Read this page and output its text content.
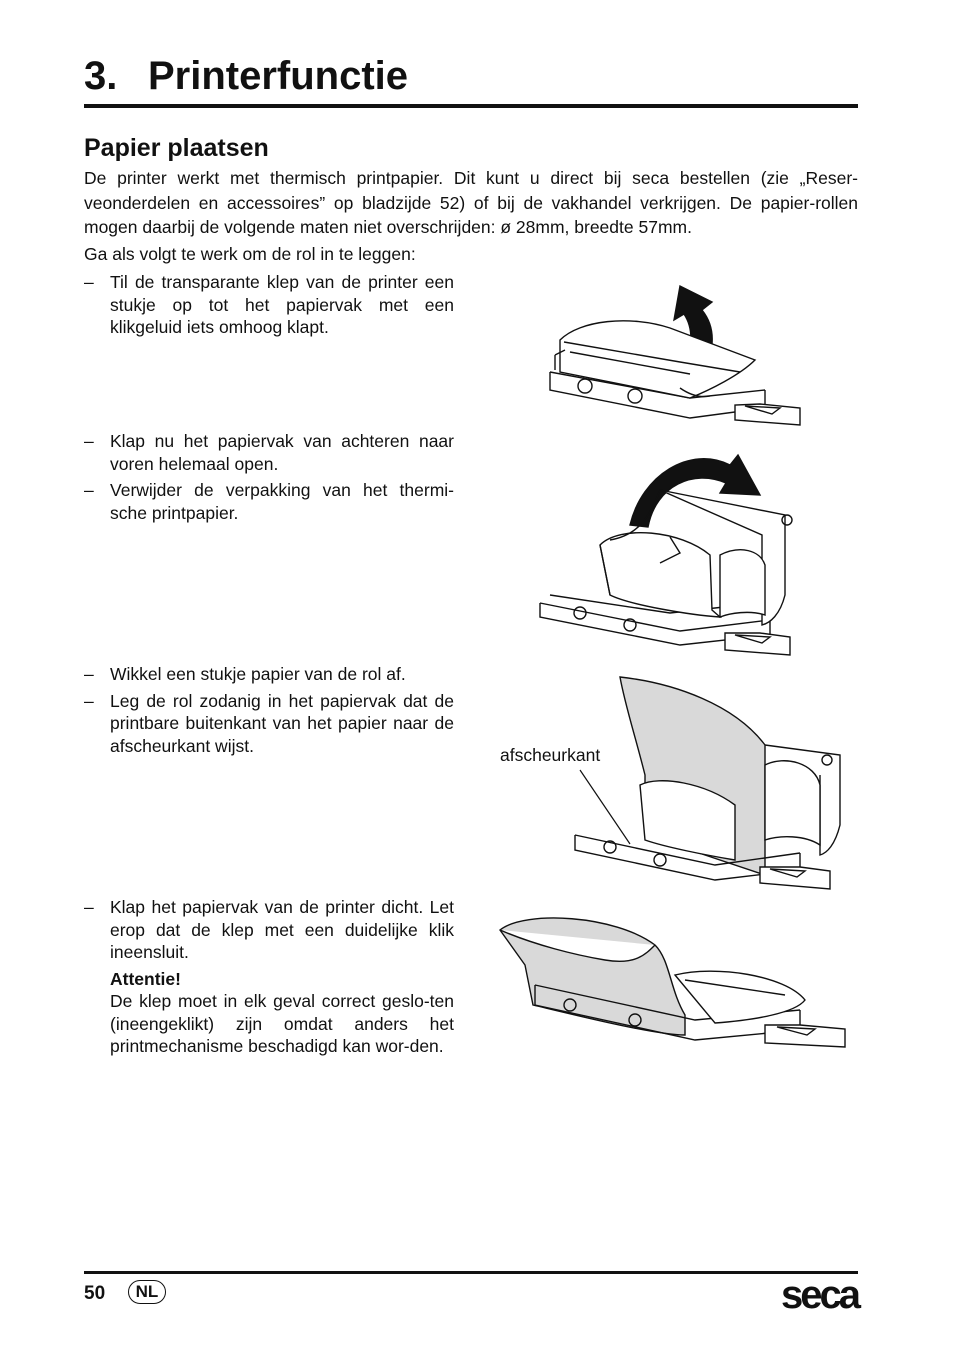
3. Printerfunctie
Papier plaatsen

De printer werkt met thermisch printpapier. Dit kunt u direct bij seca bestellen (zie „Reser-veonderdelen en accessoires” op bladzijde 52) of bij de vakhandel verkrijgen. De papier-rollen mogen daarbij de volgende maten niet overschrijden: ø 28mm, breedte 57mm.

Ga als volgt te werk om de rol in te leggen:

– Til de transparante klep van de printer een stukje op tot het papiervak met een klikgeluid iets omhoog klapt.
– Klap nu het papiervak van achteren naar voren helemaal open.
– Verwijder de verpakking van het thermi-sche printpapier.
– Wikkel een stukje papier van de rol af.
– Leg de rol zodanig in het papiervak dat de printbare buitenkant van het papier naar de afscheurkant wijst.
– Klap het papiervak van de printer dicht. Let erop dat de klep met een duidelijke klik ineensluit.
Attentie!
De klep moet in elk geval correct geslo-ten (ineengeklikt) zijn omdat anders het printmechanisme beschadigd kan wor-den.
afscheurkant
50	NL	seca
